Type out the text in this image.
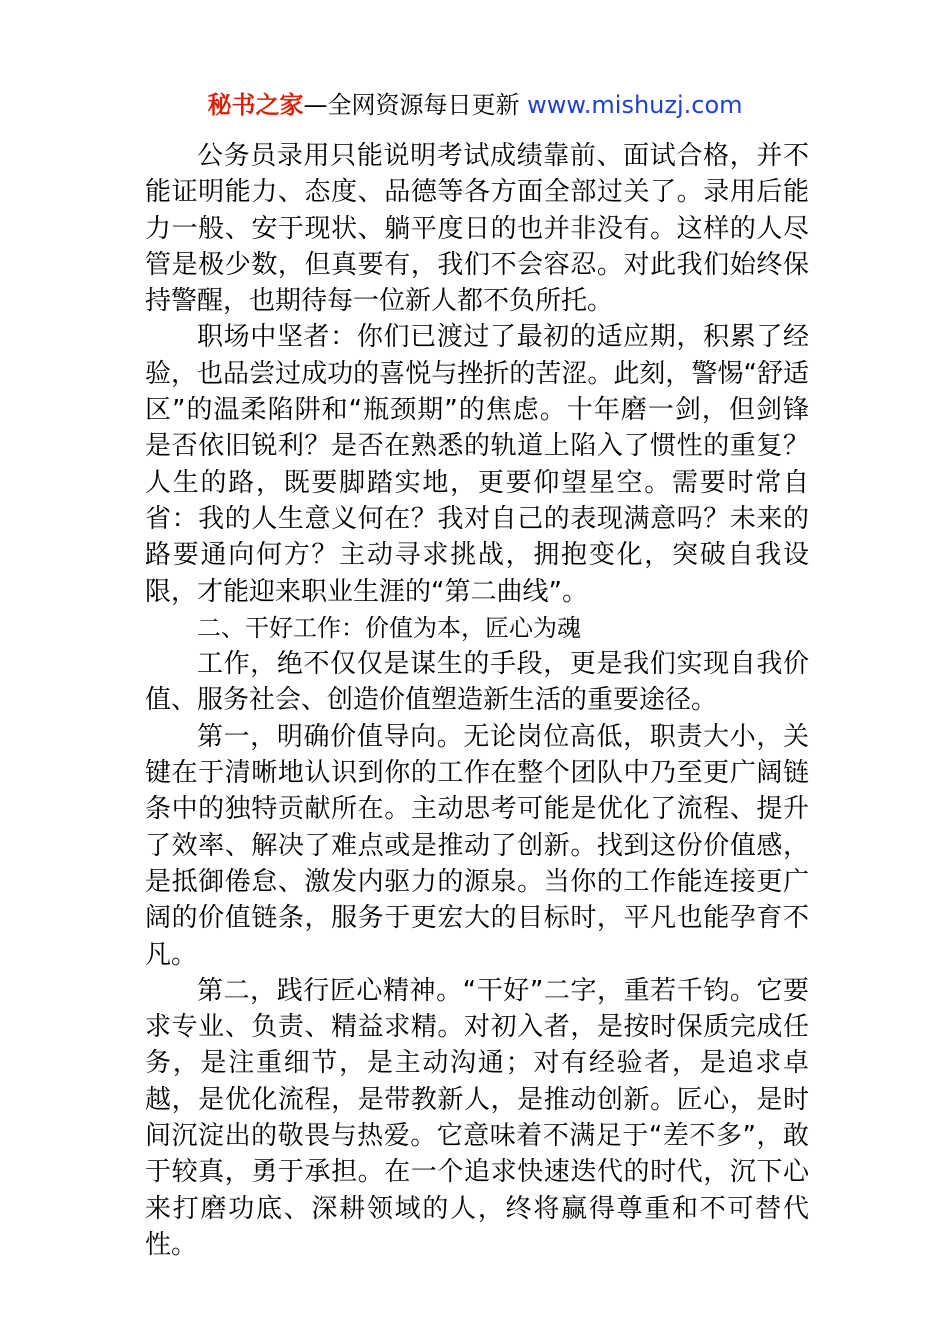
秘书之家—全网资源每日更新 www.mishuzj.com

公务员录用只能说明考试成绩靠前、面试合格，并不能证明能力、态度、品德等各方面全部过关了。录用后能力一般、安于现状、躺平度日的也并非没有。这样的人尽管是极少数，但真要有，我们不会容忍。对此我们始终保持警醒，也期待每一位新人都不负所托。

职场中坚者：你们已渡过了最初的适应期，积累了经验，也品尝过成功的喜悦与挫折的苦涩。此刻，警惕“舒适区”的温柔陷阱和“瓶颈期”的焦虑。十年磨一剑，但剑锋是否依旧锐利？是否在熟悉的轨道上陷入了惯性的重复？人生的路，既要脚踏实地，更要仰望星空。需要时常自省：我的人生意义何在？我对自己的表现满意吗？未来的路要通向何方？主动寻求挑战，拥抱变化，突破自我设限，才能迎来职业生涯的“第二曲线”。

二、干好工作：价值为本，匠心为魂

工作，绝不仅仅是谋生的手段，更是我们实现自我价值、服务社会、创造价值塑造新生活的重要途径。

第一，明确价值导向。无论岗位高低，职责大小，关键在于清晰地认识到你的工作在整个团队中乃至更广阔链条中的独特贡献所在。主动思考可能是优化了流程、提升了效率、解决了难点或是推动了创新。找到这份价值感，是抵御倦怠、激发内驱力的源泉。当你的工作能连接更广阔的价值链条，服务于更宏大的目标时，平凡也能孕育不凡。

第二，践行匠心精神。“干好”二字，重若千钧。它要求专业、负责、精益求精。对初入者，是按时保质完成任务，是注重细节，是主动沟通；对有经验者，是追求卓越，是优化流程，是带教新人，是推动创新。匠心，是时间沉淀出的敬畏与热爱。它意味着不满足于“差不多”，敢于较真，勇于承担。在一个追求快速迭代的时代，沉下心来打磨功底、深耕领域的人，终将赢得尊重和不可替代性。
